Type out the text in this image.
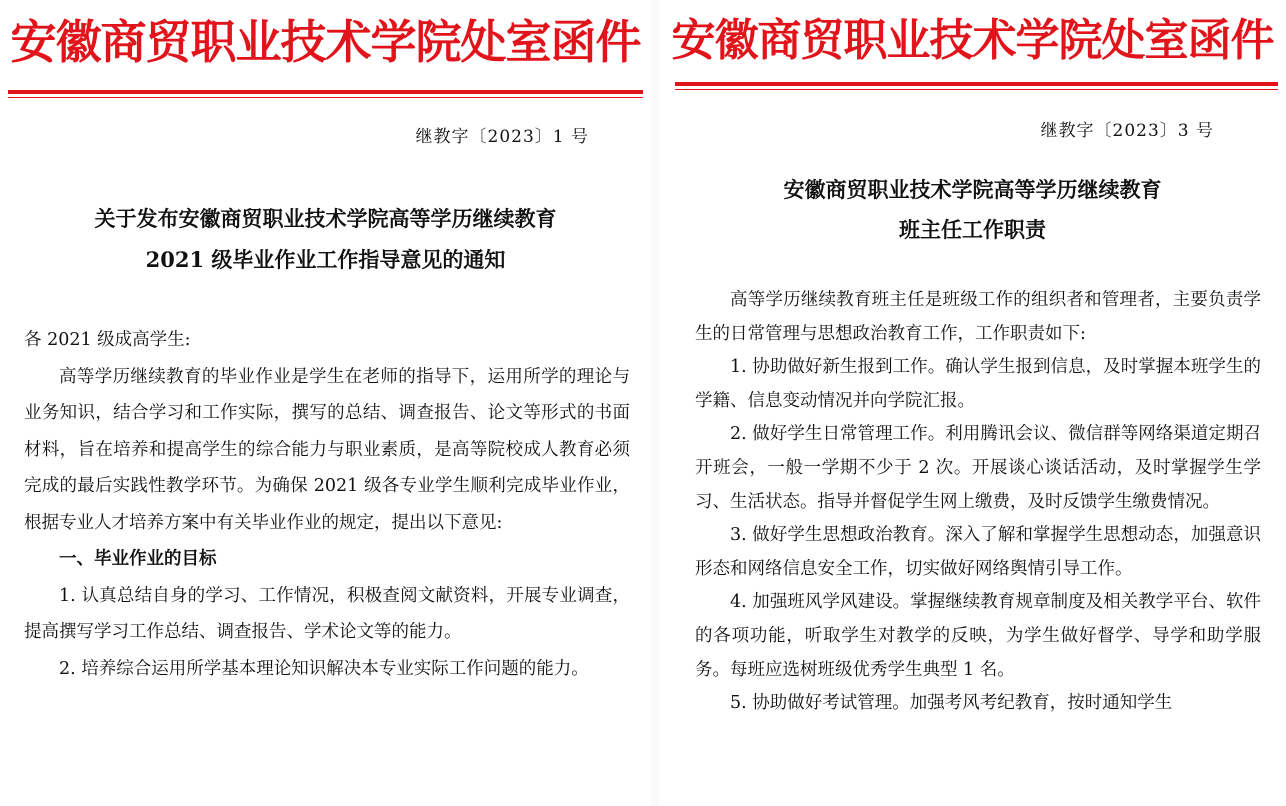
安徽商贸职业技术学院处室函件
继教字〔2023〕1 号
关于发布安徽商贸职业技术学院高等学历继续教育
2021 级毕业作业工作指导意见的通知

各 2021 级成高学生:

高等学历继续教育的毕业作业是学生在老师的指导下，运用所学的理论与业务知识，结合学习和工作实际，撰写的总结、调查报告、论文等形式的书面材料，旨在培养和提高学生的综合能力与职业素质，是高等院校成人教育必须完成的最后实践性教学环节。为确保 2021 级各专业学生顺利完成毕业作业，根据专业人才培养方案中有关毕业作业的规定，提出以下意见:

一、毕业作业的目标

1. 认真总结自身的学习、工作情况，积极查阅文献资料，开展专业调查，提高撰写学习工作总结、调查报告、学术论文等的能力。

2. 培养综合运用所学基本理论知识解决本专业实际工作问题的能力。

安徽商贸职业技术学院处室函件
继教字〔2023〕3 号
安徽商贸职业技术学院高等学历继续教育
班主任工作职责

高等学历继续教育班主任是班级工作的组织者和管理者，主要负责学生的日常管理与思想政治教育工作，工作职责如下:

1. 协助做好新生报到工作。确认学生报到信息，及时掌握本班学生的学籍、信息变动情况并向学院汇报。

2. 做好学生日常管理工作。利用腾讯会议、微信群等网络渠道定期召开班会，一般一学期不少于 2 次。开展谈心谈话活动，及时掌握学生学习、生活状态。指导并督促学生网上缴费，及时反馈学生缴费情况。

3. 做好学生思想政治教育。深入了解和掌握学生思想动态，加强意识形态和网络信息安全工作，切实做好网络舆情引导工作。

4. 加强班风学风建设。掌握继续教育规章制度及相关教学平台、软件的各项功能，听取学生对教学的反映，为学生做好督学、导学和助学服务。每班应选树班级优秀学生典型 1 名。

5. 协助做好考试管理。加强考风考纪教育，按时通知学生
